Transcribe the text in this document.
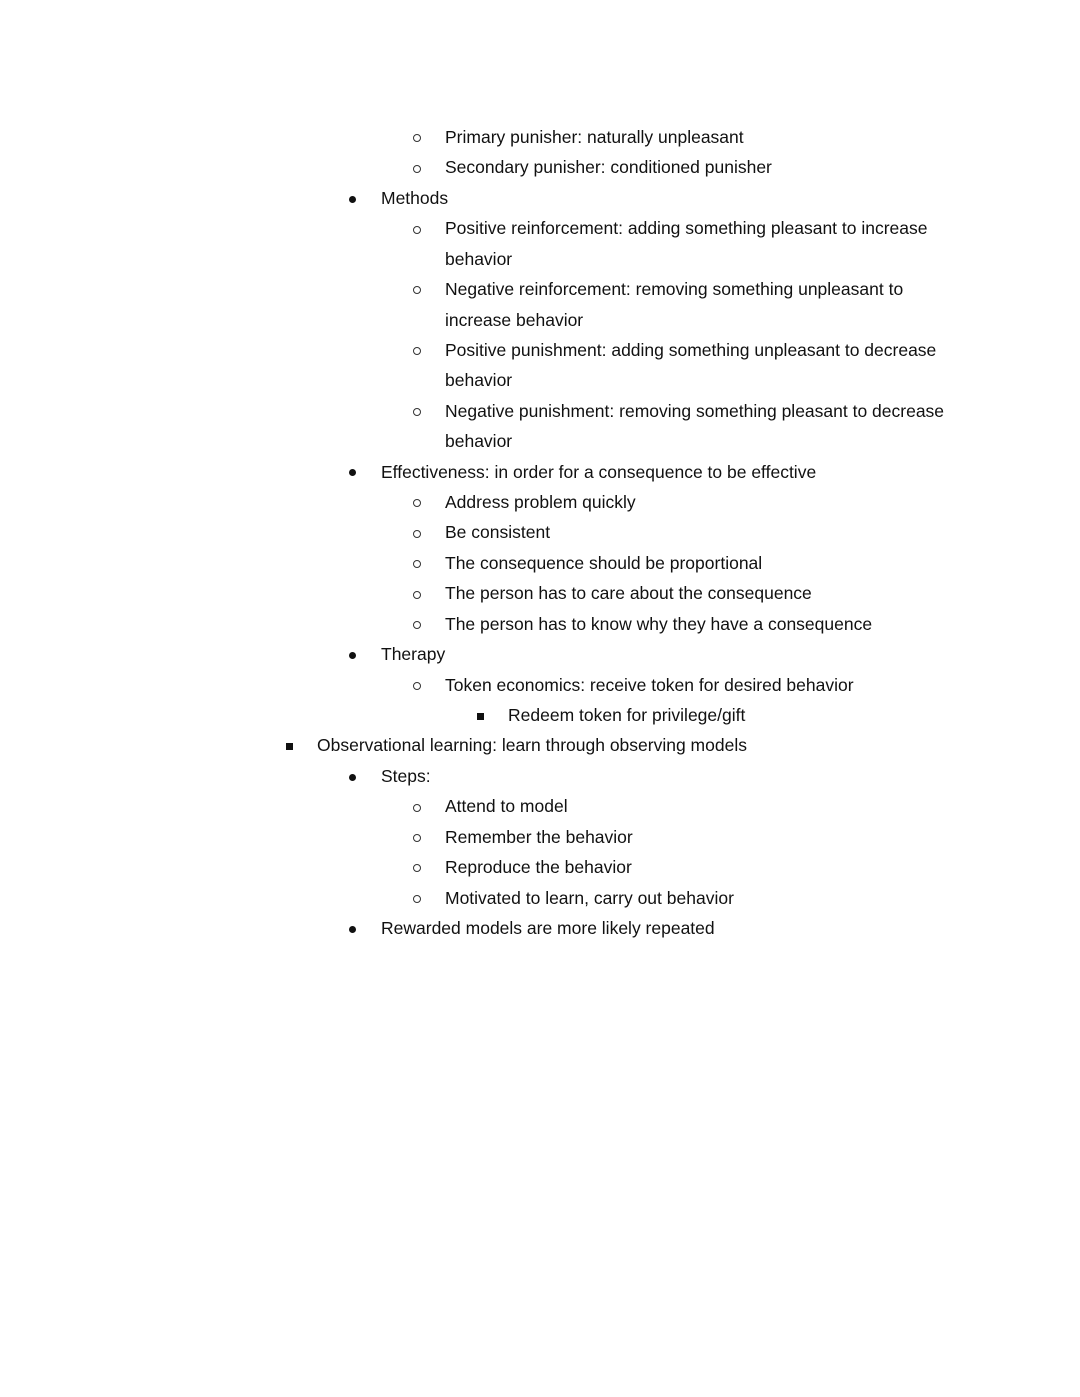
Primary punisher: naturally unpleasant
Secondary punisher: conditioned punisher
Methods
Positive reinforcement: adding something pleasant to increase
behavior
Negative reinforcement: removing something unpleasant to
increase behavior
Positive punishment: adding something unpleasant to decrease
behavior
Negative punishment: removing something pleasant to decrease
behavior
Effectiveness: in order for a consequence to be effective
Address problem quickly
Be consistent
The consequence should be proportional
The person has to care about the consequence
The person has to know why they have a consequence
Therapy
Token economics: receive token for desired behavior
Redeem token for privilege/gift
Observational learning: learn through observing models
Steps:
Attend to model
Remember the behavior
Reproduce the behavior
Motivated to learn, carry out behavior
Rewarded models are more likely repeated
